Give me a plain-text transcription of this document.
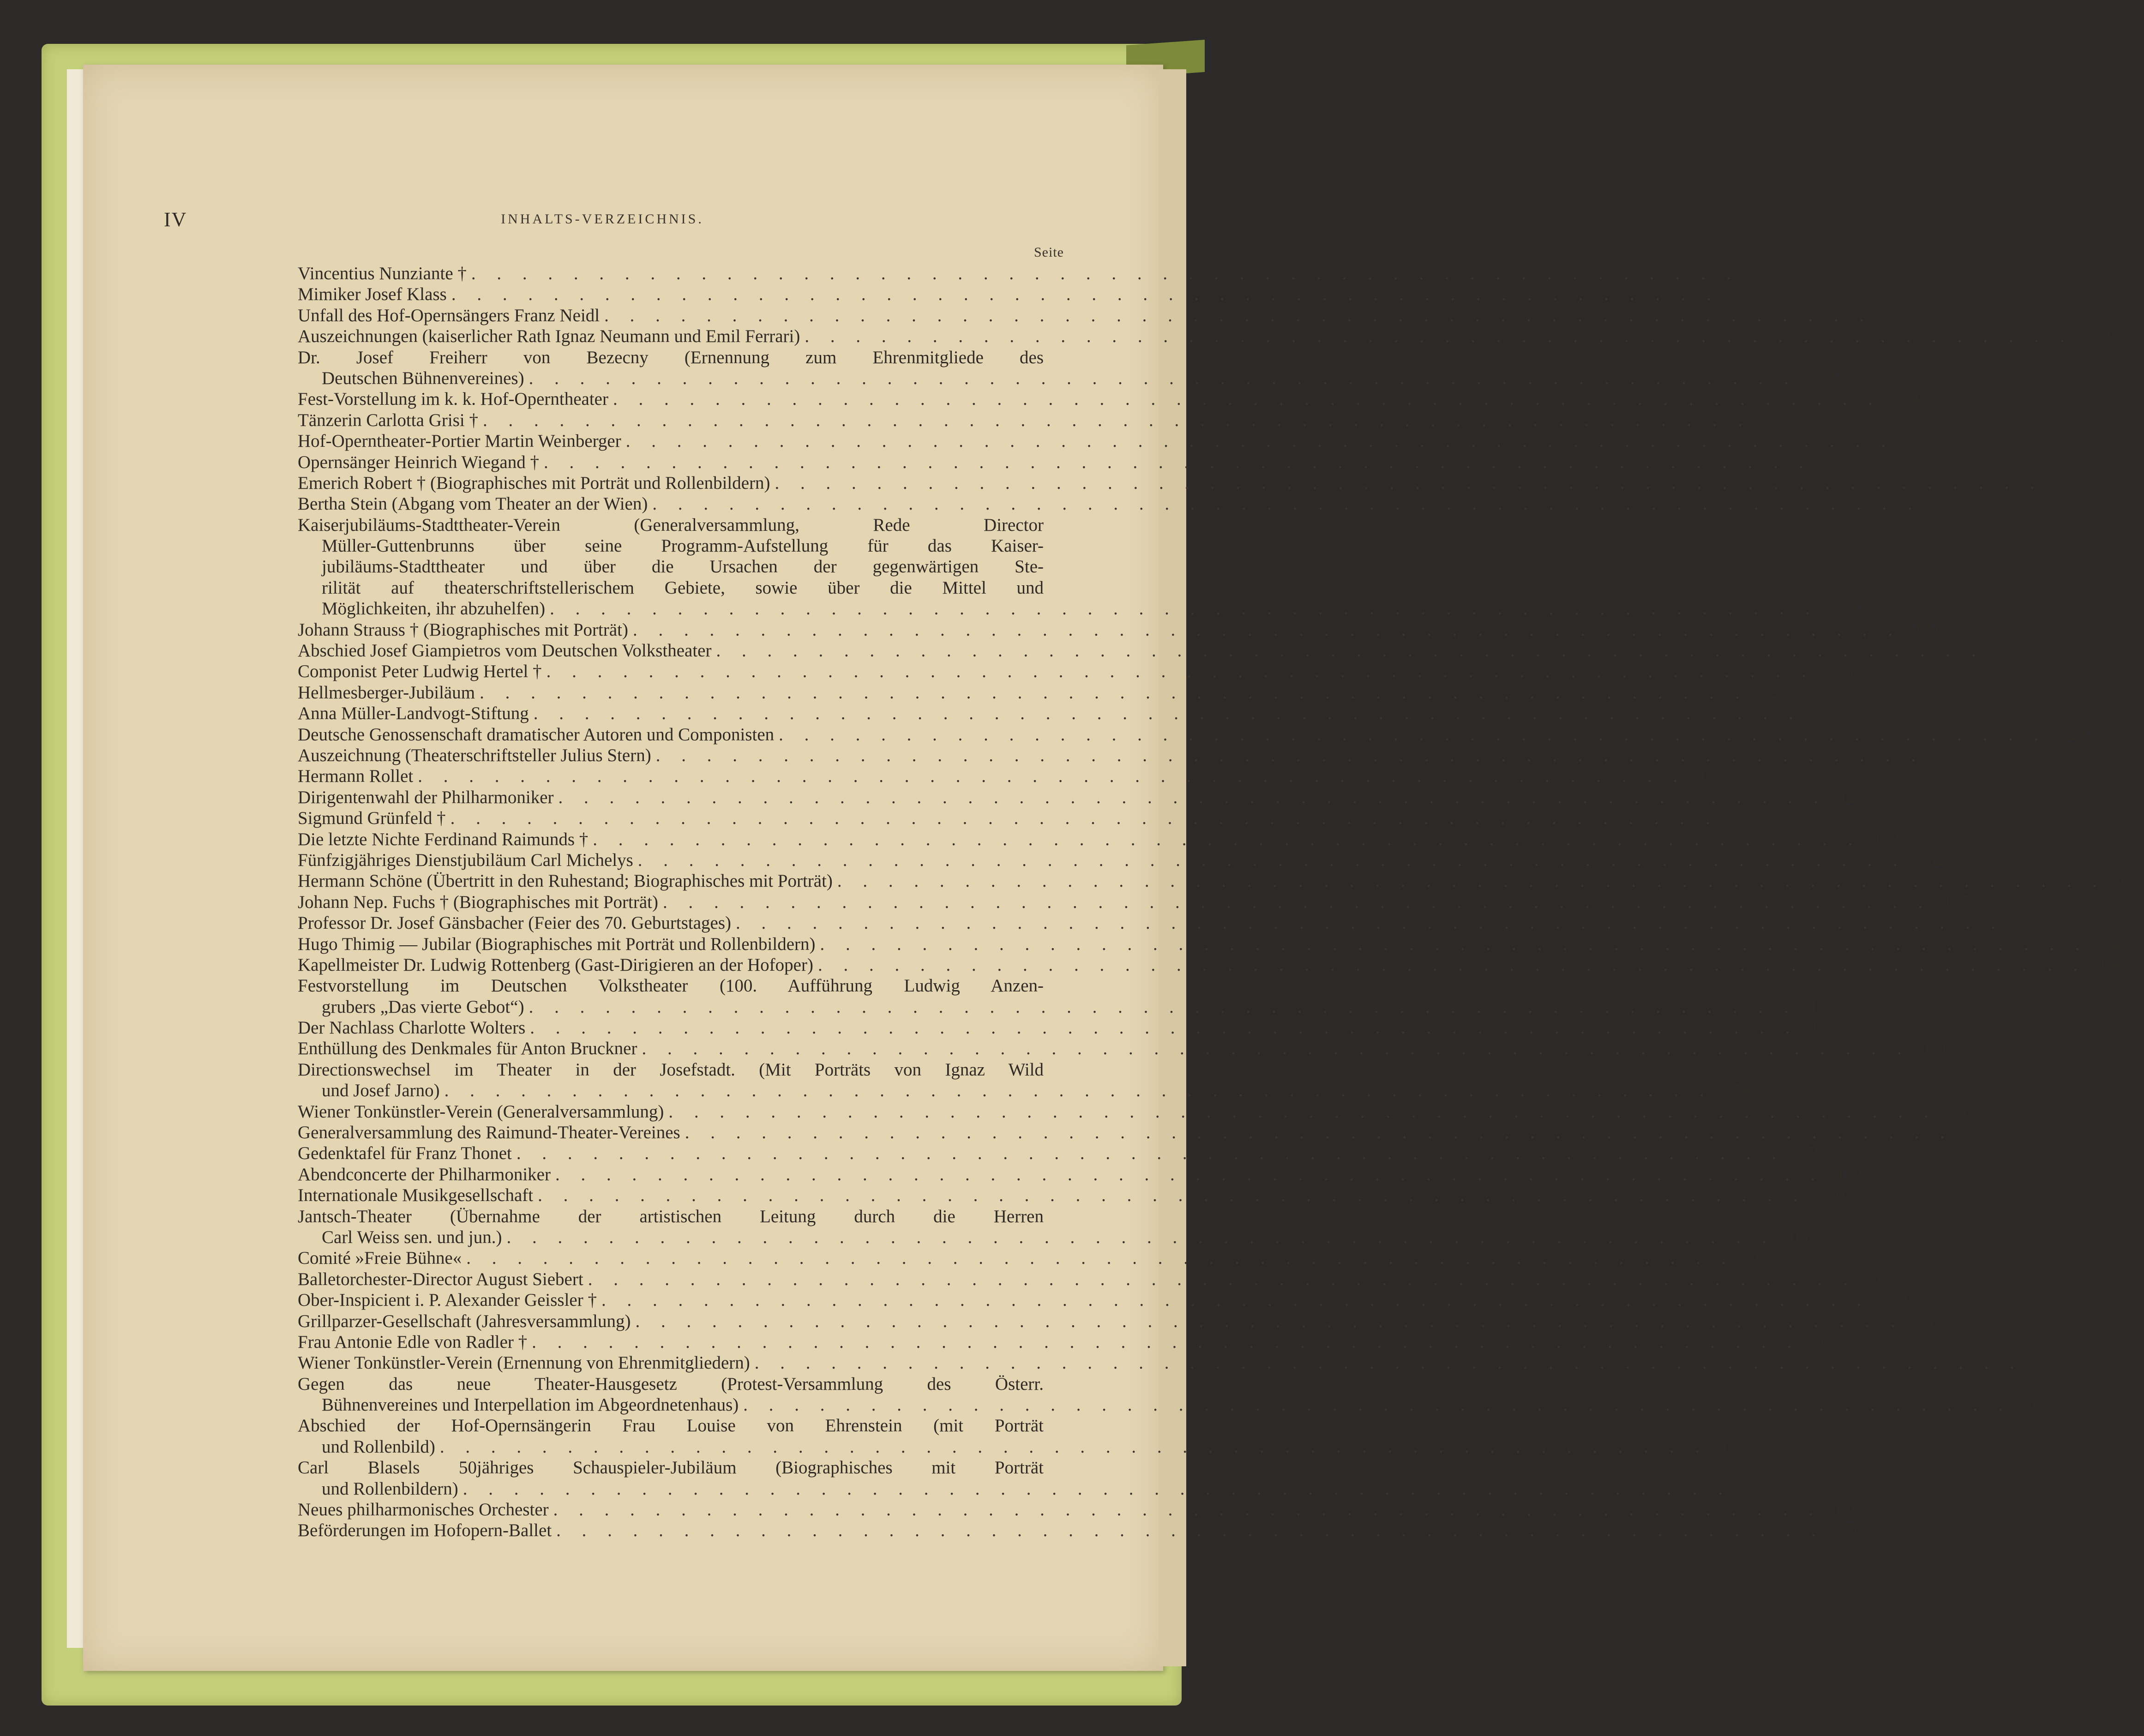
IV	INHALTS-VERZEICHNIS.
Seite
Vincentius Nunziante † . . . . . . . . . . . . . . . . . . . . . . . . . . . . . . . . . . . . . . . . . . . . . . . . . .	82
Mimiker Josef Klass . . . . . . . . . . . . . . . . . . . . . . . . . . . . . . . . . . . . . . . . . . . . . . . . . .	83
Unfall des Hof-Opernsängers Franz Neidl . . . . . . . . . . . . . . . . . . . . . . . . . . . . . . . . . . . . . . . . . . . . . . . . . .	83
Auszeichnungen (kaiserlicher Rath Ignaz Neumann und Emil Ferrari) . . . . . . . . . . . . . . . . . . . . . . . . . . . . . . . . . . . . . . . . . . . . . . . . . .	84
Dr. Josef Freiherr von Bezecny (Ernennung zum Ehrenmitgliede des
Deutschen Bühnenvereines) . . . . . . . . . . . . . . . . . . . . . . . . . . . . . . . . . . . . . . . . . . . . . . . . . .	84
Fest-Vorstellung im k. k. Hof-Operntheater . . . . . . . . . . . . . . . . . . . . . . . . . . . . . . . . . . . . . . . . . . . . . . . . . .	84
Tänzerin Carlotta Grisi † . . . . . . . . . . . . . . . . . . . . . . . . . . . . . . . . . . . . . . . . . . . . . . . . . .	86
Hof-Operntheater-Portier Martin Weinberger . . . . . . . . . . . . . . . . . . . . . . . . . . . . . . . . . . . . . . . . . . . . . . . . . .	87
Opernsänger Heinrich Wiegand † . . . . . . . . . . . . . . . . . . . . . . . . . . . . . . . . . . . . . . . . . . . . . . . . . .	87
Emerich Robert † (Biographisches mit Porträt und Rollenbildern) . . . . . . . . . . . . . . . . . . . . . . . . . . . . . . . . . . . . . . . . . . . . . . . . . .	87
Bertha Stein (Abgang vom Theater an der Wien) . . . . . . . . . . . . . . . . . . . . . . . . . . . . . . . . . . . . . . . . . . . . . . . . . .	98
Kaiserjubiläums-Stadttheater-Verein (Generalversammlung, Rede Director
Müller-Guttenbrunns über seine Programm-Aufstellung für das Kaiser-
jubiläums-Stadttheater und über die Ursachen der gegenwärtigen Ste-
rilität auf theaterschriftstellerischem Gebiete, sowie über die Mittel und
Möglichkeiten, ihr abzuhelfen) . . . . . . . . . . . . . . . . . . . . . . . . . . . . . . . . . . . . . . . . . . . . . . . . . .	99
Johann Strauss † (Biographisches mit Porträt) . . . . . . . . . . . . . . . . . . . . . . . . . . . . . . . . . . . . . . . . . . . . . . . . . . 104
Abschied Josef Giampietros vom Deutschen Volkstheater . . . . . . . . . . . . . . . . . . . . . . . . . . . . . . . . . . . . . . . . . . . . . . . . . . 128
Componist Peter Ludwig Hertel † . . . . . . . . . . . . . . . . . . . . . . . . . . . . . . . . . . . . . . . . . . . . . . . . . . 128
Hellmesberger-Jubiläum . . . . . . . . . . . . . . . . . . . . . . . . . . . . . . . . . . . . . . . . . . . . . . . . . . 128
Anna Müller-Landvogt-Stiftung . . . . . . . . . . . . . . . . . . . . . . . . . . . . . . . . . . . . . . . . . . . . . . . . . . 128
Deutsche Genossenschaft dramatischer Autoren und Componisten . . . . . . . . . . . . . . . . . . . . . . . . . . . . . . . . . . . . . . . . . . . . . . . . . . 129
Auszeichnung (Theaterschriftsteller Julius Stern) . . . . . . . . . . . . . . . . . . . . . . . . . . . . . . . . . . . . . . . . . . . . . . . . . . 129
Hermann Rollet . . . . . . . . . . . . . . . . . . . . . . . . . . . . . . . . . . . . . . . . . . . . . . . . . . 129
Dirigentenwahl der Philharmoniker . . . . . . . . . . . . . . . . . . . . . . . . . . . . . . . . . . . . . . . . . . . . . . . . . . 129
Sigmund Grünfeld † . . . . . . . . . . . . . . . . . . . . . . . . . . . . . . . . . . . . . . . . . . . . . . . . . . 131
Die letzte Nichte Ferdinand Raimunds † . . . . . . . . . . . . . . . . . . . . . . . . . . . . . . . . . . . . . . . . . . . . . . . . . . 132
Fünfzigjähriges Dienstjubiläum Carl Michelys . . . . . . . . . . . . . . . . . . . . . . . . . . . . . . . . . . . . . . . . . . . . . . . . . . 132
Hermann Schöne (Übertritt in den Ruhestand; Biographisches mit Porträt) . . . . . . . . . . . . . . . . . . . . . . . . . . . . . . . . . . . . . . . . . . . . . . . . . . 134
Johann Nep. Fuchs † (Biographisches mit Porträt) . . . . . . . . . . . . . . . . . . . . . . . . . . . . . . . . . . . . . . . . . . . . . . . . . . 137
Professor Dr. Josef Gänsbacher (Feier des 70. Geburtstages) . . . . . . . . . . . . . . . . . . . . . . . . . . . . . . . . . . . . . . . . . . . . . . . . . . 141
Hugo Thimig — Jubilar (Biographisches mit Porträt und Rollenbildern) . . . . . . . . . . . . . . . . . . . . . . . . . . . . . . . . . . . . . . . . . . . . . . . . . . 143
Kapellmeister Dr. Ludwig Rottenberg (Gast-Dirigieren an der Hofoper) . . . . . . . . . . . . . . . . . . . . . . . . . . . . . . . . . . . . . . . . . . . . . . . . . . 148
Festvorstellung im Deutschen Volkstheater (100. Aufführung Ludwig Anzen-
grubers „Das vierte Gebot“) . . . . . . . . . . . . . . . . . . . . . . . . . . . . . . . . . . . . . . . . . . . . . . . . . . 148
Der Nachlass Charlotte Wolters . . . . . . . . . . . . . . . . . . . . . . . . . . . . . . . . . . . . . . . . . . . . . . . . . . 150
Enthüllung des Denkmales für Anton Bruckner . . . . . . . . . . . . . . . . . . . . . . . . . . . . . . . . . . . . . . . . . . . . . . . . . . 151
Directionswechsel im Theater in der Josefstadt. (Mit Porträts von Ignaz Wild
und Josef Jarno) . . . . . . . . . . . . . . . . . . . . . . . . . . . . . . . . . . . . . . . . . . . . . . . . . . 154
Wiener Tonkünstler-Verein (Generalversammlung) . . . . . . . . . . . . . . . . . . . . . . . . . . . . . . . . . . . . . . . . . . . . . . . . . . 157
Generalversammlung des Raimund-Theater-Vereines . . . . . . . . . . . . . . . . . . . . . . . . . . . . . . . . . . . . . . . . . . . . . . . . . . 157
Gedenktafel für Franz Thonet . . . . . . . . . . . . . . . . . . . . . . . . . . . . . . . . . . . . . . . . . . . . . . . . . . 159
Abendconcerte der Philharmoniker . . . . . . . . . . . . . . . . . . . . . . . . . . . . . . . . . . . . . . . . . . . . . . . . . . 159
Internationale Musikgesellschaft . . . . . . . . . . . . . . . . . . . . . . . . . . . . . . . . . . . . . . . . . . . . . . . . . . 160
Jantsch-Theater (Übernahme der artistischen Leitung durch die Herren
Carl Weiss sen. und jun.) . . . . . . . . . . . . . . . . . . . . . . . . . . . . . . . . . . . . . . . . . . . . . . . . . . 160
Comité »Freie Bühne« . . . . . . . . . . . . . . . . . . . . . . . . . . . . . . . . . . . . . . . . . . . . . . . . . . 161
Balletorchester-Director August Siebert . . . . . . . . . . . . . . . . . . . . . . . . . . . . . . . . . . . . . . . . . . . . . . . . . . 161
Ober-Inspicient i. P. Alexander Geissler † . . . . . . . . . . . . . . . . . . . . . . . . . . . . . . . . . . . . . . . . . . . . . . . . . . 162
Grillparzer-Gesellschaft (Jahresversammlung) . . . . . . . . . . . . . . . . . . . . . . . . . . . . . . . . . . . . . . . . . . . . . . . . . . 162
Frau Antonie Edle von Radler † . . . . . . . . . . . . . . . . . . . . . . . . . . . . . . . . . . . . . . . . . . . . . . . . . . 162
Wiener Tonkünstler-Verein (Ernennung von Ehrenmitgliedern) . . . . . . . . . . . . . . . . . . . . . . . . . . . . . . . . . . . . . . . . . . . . . . . . . . 162
Gegen das neue Theater-Hausgesetz (Protest-Versammlung des Österr.
Bühnenvereines und Interpellation im Abgeordnetenhaus) . . . . . . . . . . . . . . . . . . . . . . . . . . . . . . . . . . . . . . . . . . . . . . . . . . 163
Abschied der Hof-Opernsängerin Frau Louise von Ehrenstein (mit Porträt
und Rollenbild) . . . . . . . . . . . . . . . . . . . . . . . . . . . . . . . . . . . . . . . . . . . . . . . . . . 166
Carl Blasels 50jähriges Schauspieler-Jubiläum (Biographisches mit Porträt
und Rollenbildern) . . . . . . . . . . . . . . . . . . . . . . . . . . . . . . . . . . . . . . . . . . . . . . . . . . 167
Neues philharmonisches Orchester . . . . . . . . . . . . . . . . . . . . . . . . . . . . . . . . . . . . . . . . . . . . . . . . . . 176
Beförderungen im Hofopern-Ballet . . . . . . . . . . . . . . . . . . . . . . . . . . . . . . . . . . . . . . . . . . . . . . . . . . 176
